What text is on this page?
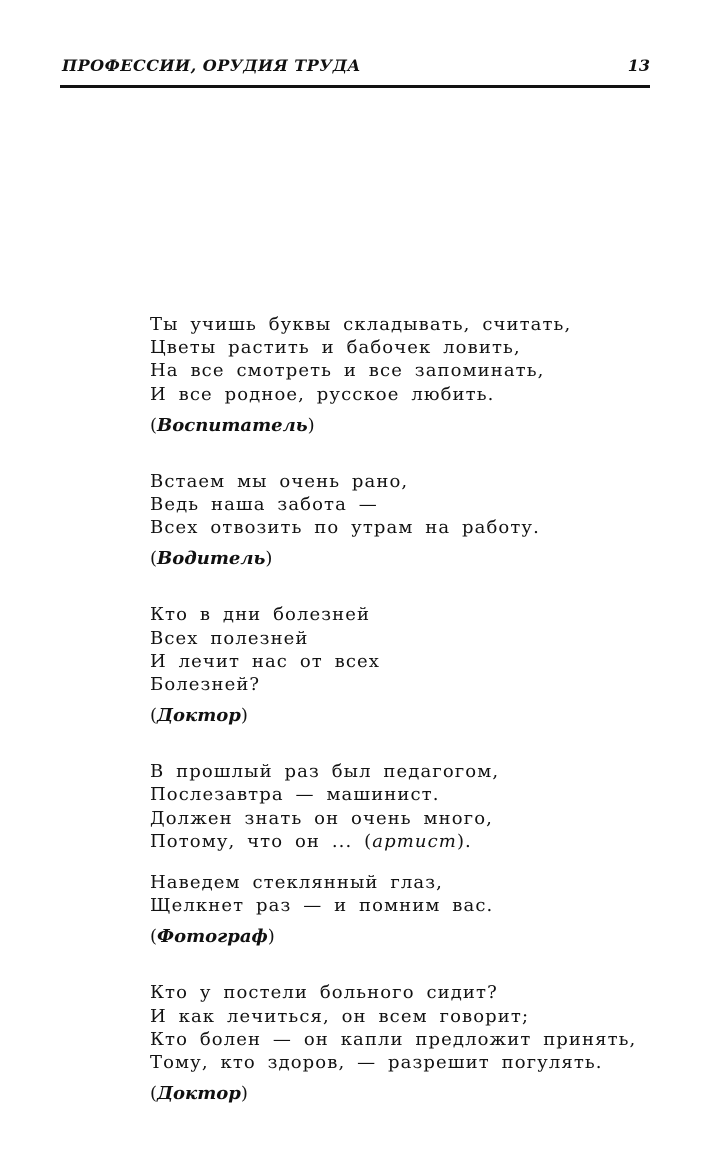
ПРОФЕССИИ, ОРУДИЯ ТРУДА	13
Ты учишь буквы складывать, считать,
Цветы растить и бабочек ловить,
На все смотреть и все запоминать,
И все родное, русское любить.
(Воспитатель)
Встаем мы очень рано,
Ведь наша забота —
Всех отвозить по утрам на работу.
(Водитель)
Кто в дни болезней
Всех полезней
И лечит нас от всех
Болезней?
(Доктор)
В прошлый раз был педагогом,
Послезавтра — машинист.
Должен знать он очень много,
Потому, что он ... (артист).
Наведем стеклянный глаз,
Щелкнет раз — и помним вас.
(Фотограф)
Кто у постели больного сидит?
И как лечиться, он всем говорит;
Кто болен — он капли предложит принять,
Тому, кто здоров, — разрешит погулять.
(Доктор)
